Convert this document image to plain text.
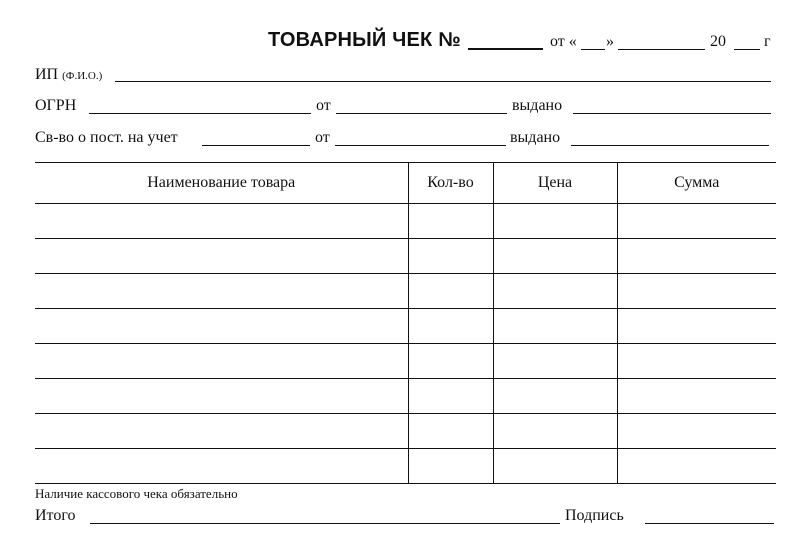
ТОВАРНЫЙ ЧЕК №	от « »	20 г
ИП (Ф.И.О.)
ОГРН	от	выдано
Св-во о пост. на учет	от	выдано
Наименование товара	Кол-во	Цена	Сумма

Наличие кассового чека обязательно
Итого	Подпись
